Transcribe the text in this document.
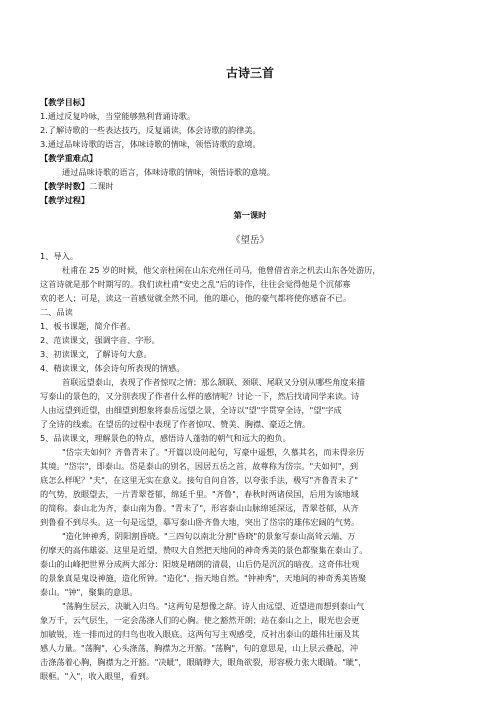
古诗三首
【教学目标】
1.通过反复吟咏，当堂能够熟利背诵诗歌。
2.了解诗歌的一些表达技巧，反复诵读，体会诗歌的韵律美。
3.通过品味诗歌的语言，体味诗歌的情味，领悟诗歌的意境。
【教学重难点】
通过品味诗歌的语言，体味诗歌的情味，领悟诗歌的意境。
【教学时数】二课时
【教学过程】
第一课时
《望岳》
1、导入。
杜甫在 25 岁的时候，他父亲杜闲在山东充州任司马，他曾借省亲之机去山东各处游历，
这首诗就是那个时期写的。我们读杜甫"安史之乱"后的诗作，往往会觉得他是个沉郁寡
欢的老人；可是，读这一首感觉就全然不同，他的雄心，他的豪气都将使你感奋不已。
二、品读
1、板书课题，简介作者。
2、范读课文，强调字音、字形。
3、初读课文，了解诗句大意。
4、精读课文，体会诗句所表现的情感。
首联远望泰山，表现了作者惊叹之情；那么颔联、颈联、尾联又分别从哪些角度来描
写泰山的景色的，又分别表现了作者什么样的感情呢？讨论一下，然后找请同学来读。诗
人由远望到近望，由细望到想象将泰岳远望之景，全诗以"望"字贯穿全诗，"望"字成
了全诗的线索。在望岳的过程中表现了作者惊叹、赞美、胸襟、豪迈之情。
5、品读课文，理解景色的特点，感悟诗人蓬勃的朝气和远大的抱负。
"岱宗夫如何？齐鲁青未了。"开篇以设问起句，写豪中遥想，久慕其名，而未得亲历
其境。"岱宗"，即泰山。岱是泰山的别名，因居五岳之首，故尊称为岱宗。"夫如何"，到
底怎么样呢？"夫"，在这里无实在意义。接句自问自答，以夸张手法，极写"齐鲁青未了"
的气势，放眼望去，一片青翠苍郁，绵延千里。"齐鲁"，春秋时两诸侯国，后用为该地域
的简称。泰山北为齐，泰山南为鲁。"青未了"，形容泰山山脉绵延深远，青翠苍郁，从齐
到鲁看不到尽头。这一句是远望，摹写泰山卧齐鲁大地，突出了岱宗的雄伟宏阔的气势。
"造化钟神秀，阴阳割昏晓。"三四句以南北分割"昏晓"的景象写泰山高耸云端、万
仞摩天的高伟雄姿。这里是近望，赞叹大自然把天地间的神奇秀美的景色都聚集在泰山了。
泰山的山峰把世界分成两大部分：阳坡是晴朗的清晨，山后仍是沉沉的暗夜。这奇伟壮观
的景象真是鬼设神施，造化所钟。"造化"，指天地自然。"钟神秀"，天地间的神奇秀美皆聚
泰山。"钟"，聚集的意思。
"荡胸生层云，决眦入归鸟。"这两句是想像之辞。诗人由远望、近望进而想到泰山气
象万千，云气层生，一定会荡涤人们的心胸。使之豁然开朗；站在泰山之上，眼光也会更
加敏锐，连一排而过的归鸟也收入眼底。这两句写主观感受，反衬出泰山的雄伟壮丽及其
感人力量。"荡胸"，心头涤荡，胸襟为之开豁。"荡胸"，句的意思是，山上层云叠起，冲
击涤荡着心胸，胸襟为之开豁。"决眦"，眼睛睁大，眼角欲裂，形容极力张大眼睛。"眦"，
眼框。"入"，收入眼里，看到。
